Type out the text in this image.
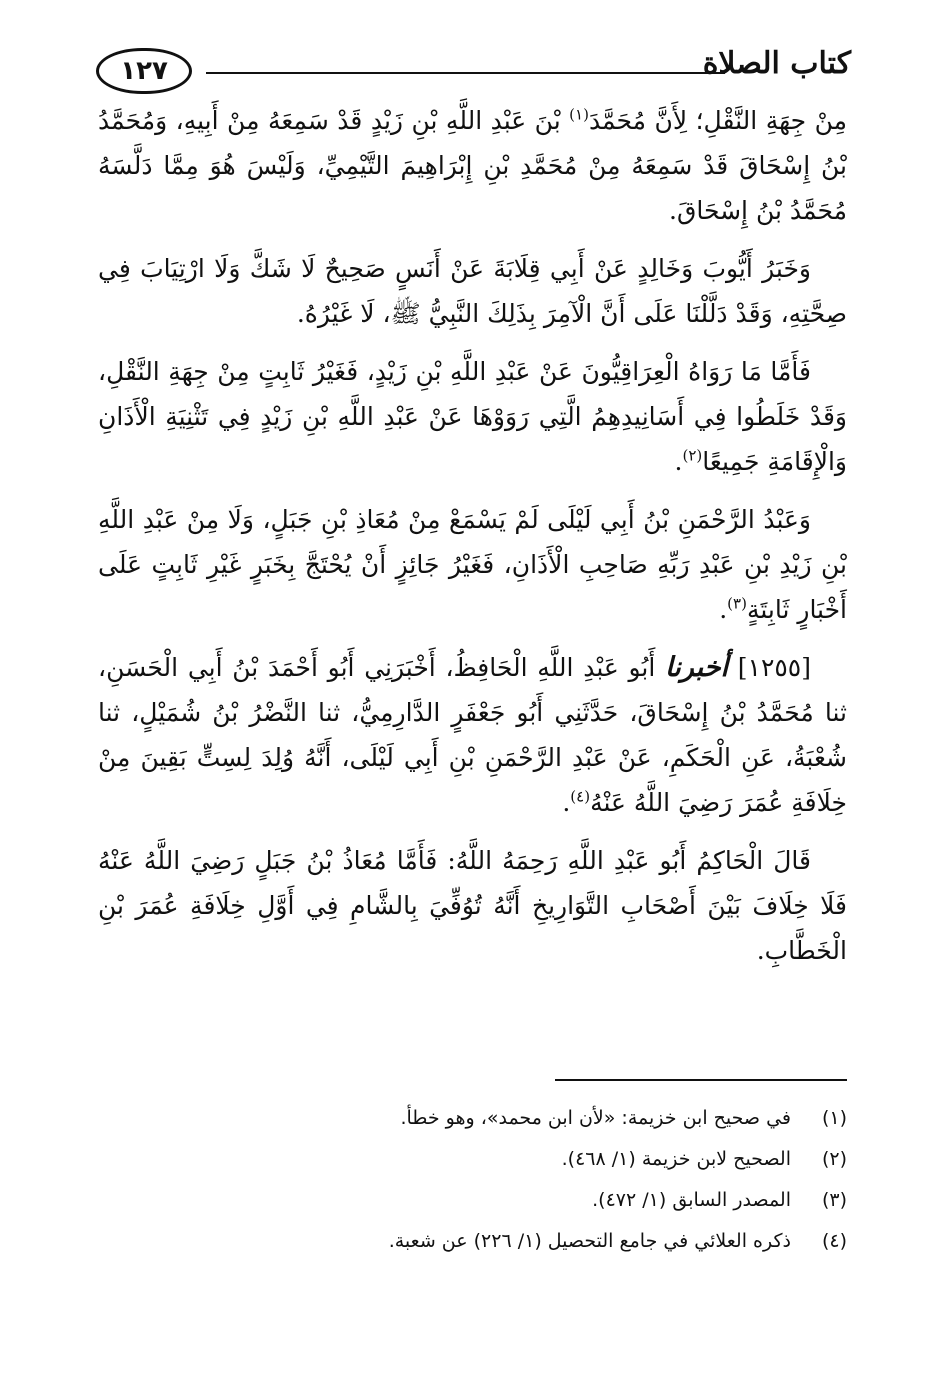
كتاب الصلاة
١٢٧

مِنْ جِهَةِ النَّقْلِ؛ لِأَنَّ مُحَمَّدَ$^{(١)}$ بْنَ عَبْدِ اللَّهِ بْنِ زَيْدٍ قَدْ سَمِعَهُ مِنْ أَبِيهِ، وَمُحَمَّدُ بْنُ إِسْحَاقَ قَدْ سَمِعَهُ مِنْ مُحَمَّدِ بْنِ إِبْرَاهِيمَ التَّيْمِيِّ، وَلَيْسَ هُوَ مِمَّا دَلَّسَهُ مُحَمَّدُ بْنُ إِسْحَاقَ.

وَخَبَرُ أَيُّوبَ وَخَالِدٍ عَنْ أَبِي قِلَابَةَ عَنْ أَنَسٍ صَحِيحٌ لَا شَكَّ وَلَا ارْتِيَابَ فِي صِحَّتِهِ، وَقَدْ دَلَّلْنَا عَلَى أَنَّ الْآمِرَ بِذَلِكَ النَّبِيُّ ﷺ، لَا غَيْرُهُ.

فَأَمَّا مَا رَوَاهُ الْعِرَاقِيُّونَ عَنْ عَبْدِ اللَّهِ بْنِ زَيْدٍ، فَغَيْرُ ثَابِتٍ مِنْ جِهَةِ النَّقْلِ، وَقَدْ خَلَطُوا فِي أَسَانِيدِهِمُ الَّتِي رَوَوْهَا عَنْ عَبْدِ اللَّهِ بْنِ زَيْدٍ فِي تَثْنِيَةِ الْأَذَانِ وَالْإِقَامَةِ جَمِيعًا$^{(٢)}$.

وَعَبْدُ الرَّحْمَنِ بْنُ أَبِي لَيْلَى لَمْ يَسْمَعْ مِنْ مُعَاذِ بْنِ جَبَلٍ، وَلَا مِنْ عَبْدِ اللَّهِ بْنِ زَيْدِ بْنِ عَبْدِ رَبِّهِ صَاحِبِ الْأَذَانِ، فَغَيْرُ جَائِزٍ أَنْ يُحْتَجَّ بِخَبَرٍ غَيْرِ ثَابِتٍ عَلَى أَخْبَارٍ ثَابِتَةٍ$^{(٣)}$.

[١٢٥٥] أخبرنا أَبُو عَبْدِ اللَّهِ الْحَافِظُ، أَخْبَرَنِي أَبُو أَحْمَدَ بْنُ أَبِي الْحَسَنِ، ثنا مُحَمَّدُ بْنُ إِسْحَاقَ، حَدَّثَنِي أَبُو جَعْفَرٍ الدَّارِمِيُّ، ثنا النَّضْرُ بْنُ شُمَيْلٍ، ثنا شُعْبَةُ، عَنِ الْحَكَمِ، عَنْ عَبْدِ الرَّحْمَنِ بْنِ أَبِي لَيْلَى، أَنَّهُ وُلِدَ لِسِتٍّ بَقِينَ مِنْ خِلَافَةِ عُمَرَ رَضِيَ اللَّهُ عَنْهُ$^{(٤)}$.

قَالَ الْحَاكِمُ أَبُو عَبْدِ اللَّهِ رَحِمَهُ اللَّهُ: فَأَمَّا مُعَاذُ بْنُ جَبَلٍ رَضِيَ اللَّهُ عَنْهُ فَلَا خِلَافَ بَيْنَ أَصْحَابِ التَّوَارِيخِ أَنَّهُ تُوُفِّيَ بِالشَّامِ فِي أَوَّلِ خِلَافَةِ عُمَرَ بْنِ الْخَطَّابِ.

(١)
في صحيح ابن خزيمة: «لأن ابن محمد»، وهو خطأ.
(٢)
الصحيح لابن خزيمة (١/ ٤٦٨).
(٣)
المصدر السابق (١/ ٤٧٢).
(٤)
ذكره العلائي في جامع التحصيل (١/ ٢٢٦) عن شعبة.
